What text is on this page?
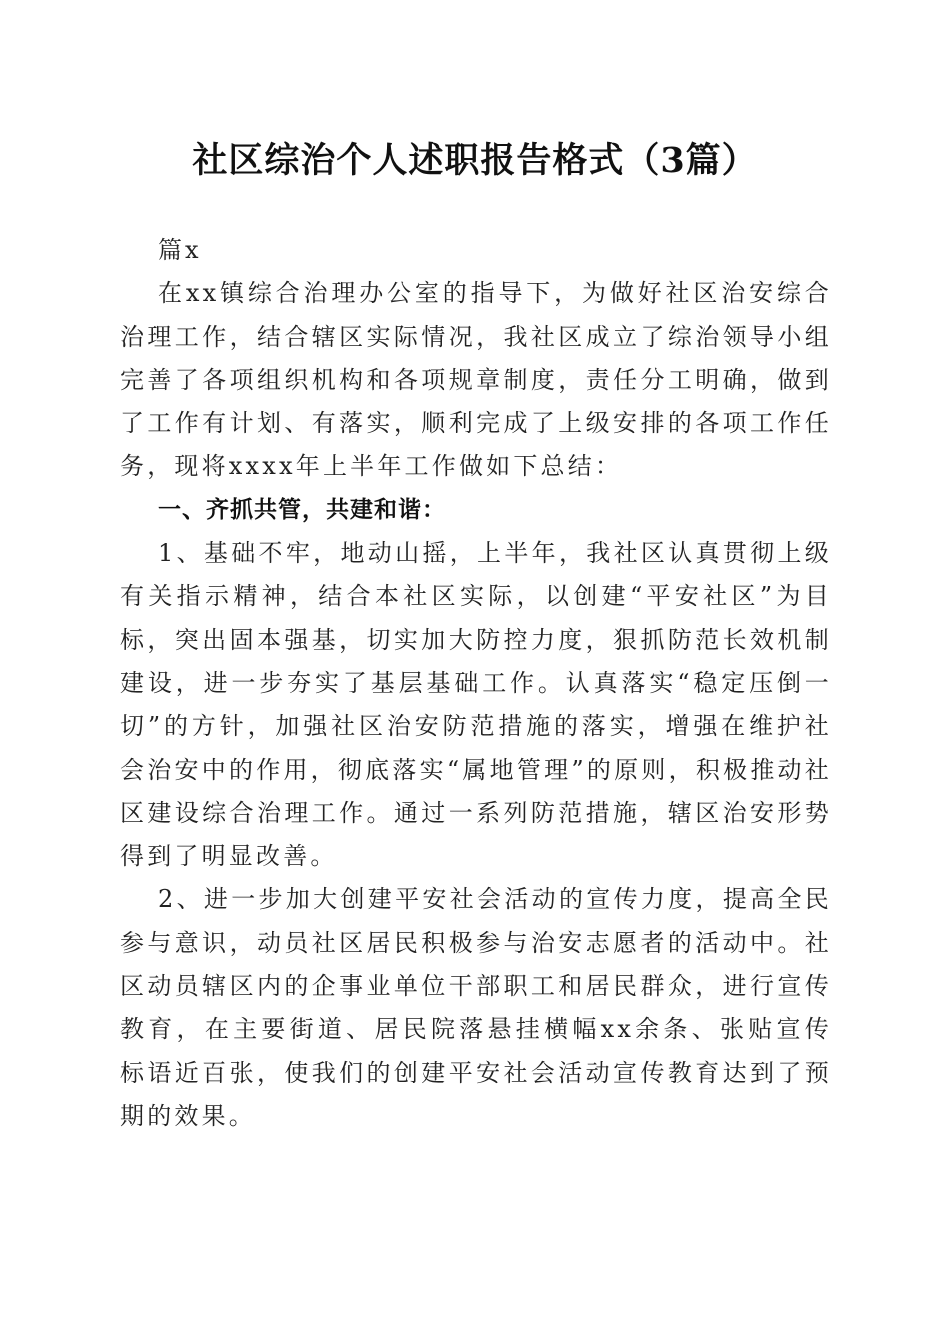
社区综治个人述职报告格式（3篇）

篇x

在xx镇综合治理办公室的指导下，为做好社区治安综合治理工作，结合辖区实际情况，我社区成立了综治领导小组完善了各项组织机构和各项规章制度，责任分工明确，做到了工作有计划、有落实，顺利完成了上级安排的各项工作任务，现将xxxx年上半年工作做如下总结：

一、齐抓共管，共建和谐：

1、基础不牢，地动山摇，上半年，我社区认真贯彻上级有关指示精神，结合本社区实际，以创建“平安社区”为目标，突出固本强基，切实加大防控力度，狠抓防范长效机制建设，进一步夯实了基层基础工作。认真落实“稳定压倒一切”的方针，加强社区治安防范措施的落实，增强在维护社会治安中的作用，彻底落实“属地管理”的原则，积极推动社区建设综合治理工作。通过一系列防范措施，辖区治安形势得到了明显改善。

2、进一步加大创建平安社会活动的宣传力度，提高全民参与意识，动员社区居民积极参与治安志愿者的活动中。社区动员辖区内的企事业单位干部职工和居民群众，进行宣传教育，在主要街道、居民院落悬挂横幅xx余条、张贴宣传标语近百张，使我们的创建平安社会活动宣传教育达到了预期的效果。
